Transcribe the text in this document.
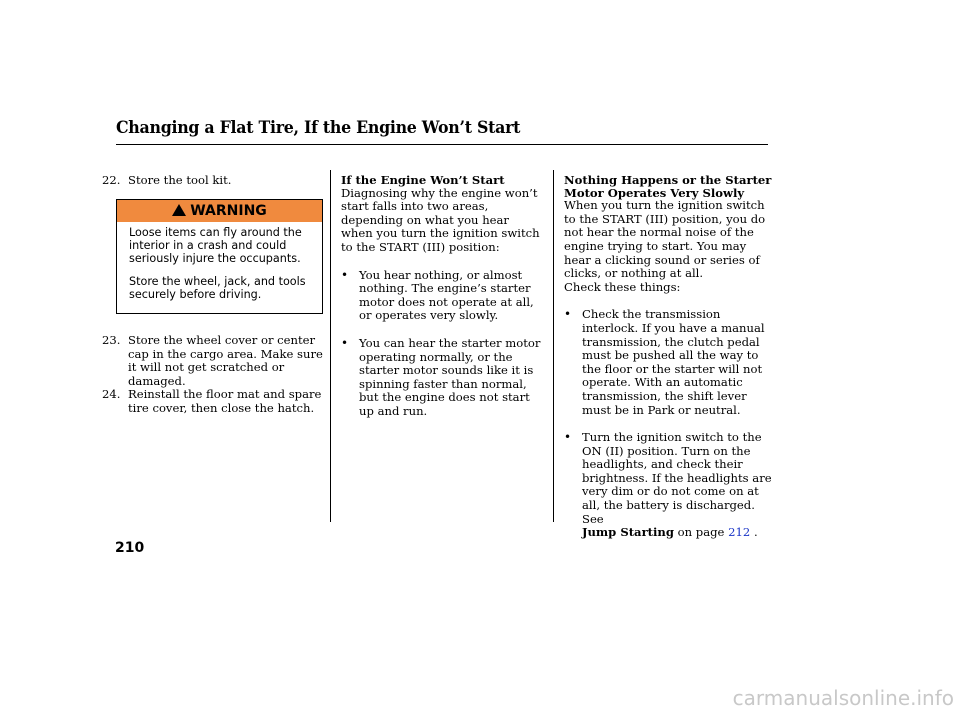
Changing a Flat Tire, If the Engine Won’t Start
22. Store the tool kit.
WARNING

Loose items can fly around the interior in a crash and could seriously injure the occupants.

Store the wheel, jack, and tools securely before driving.

23. Store the wheel cover or center cap in the cargo area. Make sure it will not get scratched or damaged.
24. Reinstall the floor mat and spare tire cover, then close the hatch.
If the Engine Won’t Start

Diagnosing why the engine won’t start falls into two areas, depending on what you hear when you turn the ignition switch to the START (III) position:

• You hear nothing, or almost nothing. The engine’s starter motor does not operate at all, or operates very slowly.
• You can hear the starter motor operating normally, or the starter motor sounds like it is spinning faster than normal, but the engine does not start up and run.
Nothing Happens or the Starter
Motor Operates Very Slowly

When you turn the ignition switch to the START (III) position, you do not hear the normal noise of the engine trying to start. You may hear a clicking sound or series of clicks, or nothing at all.

Check these things:

• Check the transmission interlock. If you have a manual transmission, the clutch pedal must be pushed all the way to the floor or the starter will not operate. With an automatic transmission, the shift lever must be in Park or neutral.
• Turn the ignition switch to the ON (II) position. Turn on the headlights, and check their brightness. If the headlights are very dim or do not come on at all, the battery is discharged. See
Jump Starting on page 212 .
210
carmanualsonline.info
